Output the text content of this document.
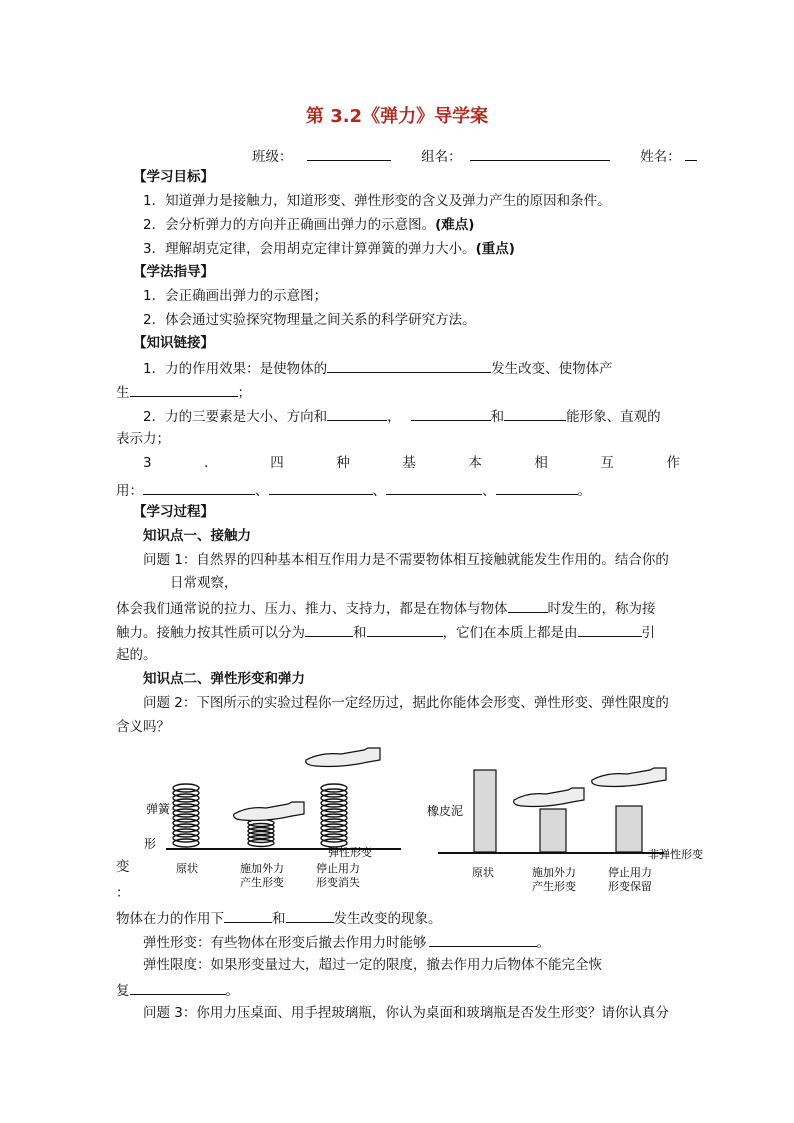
第 3.2《弹力》导学案
班级：	组名：	姓名：
【学习目标】
1．知道弹力是接触力，知道形变、弹性形变的含义及弹力产生的原因和条件。
2．会分析弹力的方向并正确画出弹力的示意图。(难点)
3．理解胡克定律，会用胡克定律计算弹簧的弹力大小。(重点)
【学法指导】
1．会正确画出弹力的示意图；
2．体会通过实验探究物理量之间关系的科学研究方法。
【知识链接】
1．力的作用效果：是使物体的	发生改变、使物体产
生	；
2．力的三要素是大小、方向和	，	和	能形象、直观的
表示力；
3	．	四	种	基	本	相	互	作
用：	、	、	、	。
【学习过程】
知识点一、接触力
问题 1：自然界的四种基本相互作用力是不需要物体相互接触就能发生作用的。结合你的
日常观察，
体会我们通常说的拉力、压力、推力、支持力，都是在物体与物体	时发生的，称为接
触力。接触力按其性质可以分为	和	，它们在本质上都是由	引
起的。
知识点二、弹性形变和弹力
问题 2：下图所示的实验过程你一定经历过，据此你能体会形变、弹性形变、弹性限度的
含义吗？
弹簧
形
弹性形变
原状	施加外力
产生形变
停止用力
形变消失
橡皮泥
非弹性形变
原状	施加外力
产生形变
停止用力
形变保留
变
：
物体在力的作用下	和	发生改变的现象。
弹性形变：有些物体在形变后撤去作用力时能够	。
弹性限度：如果形变量过大，超过一定的限度，撤去作用力后物体不能完全恢
复	。
问题 3：你用力压桌面、用手捏玻璃瓶，你认为桌面和玻璃瓶是否发生形变？请你认真分
